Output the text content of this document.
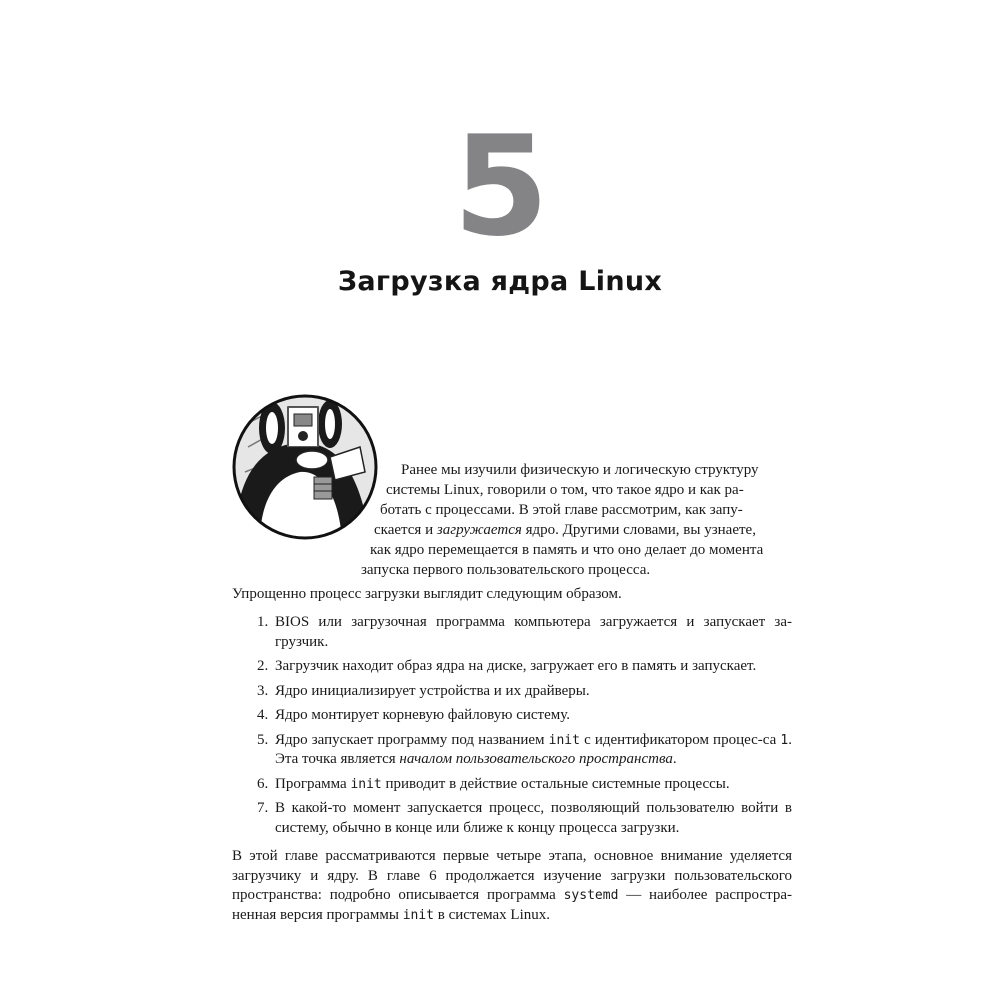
5
Загрузка ядра Linux
Ранее мы изучили физическую и логическую структуру
системы Linux, говорили о том, что такое ядро и как ра-
ботать с процессами. В этой главе рассмотрим, как запу-
скается и загружается ядро. Другими словами, вы узнаете,
как ядро перемещается в память и что оно делает до момента
запуска первого пользовательского процесса.

Упрощенно процесс загрузки выглядит следующим образом.

1. BIOS или загрузочная программа компьютера загружается и запускает за-грузчик.
2. Загрузчик находит образ ядра на диске, загружает его в память и запускает.
3. Ядро инициализирует устройства и их драйверы.
4. Ядро монтирует корневую файловую систему.
5. Ядро запускает программу под названием init с идентификатором процес-са 1. Эта точка является началом пользовательского пространства.
6. Программа init приводит в действие остальные системные процессы.
7. В какой-то момент запускается процесс, позволяющий пользователю войти в систему, обычно в конце или ближе к концу процесса загрузки.

В этой главе рассматриваются первые четыре этапа, основное внимание уделяется загрузчику и ядру. В главе 6 продолжается изучение загрузки пользовательского пространства: подробно описывается программа systemd — наиболее распростра-ненная версия программы init в системах Linux.
